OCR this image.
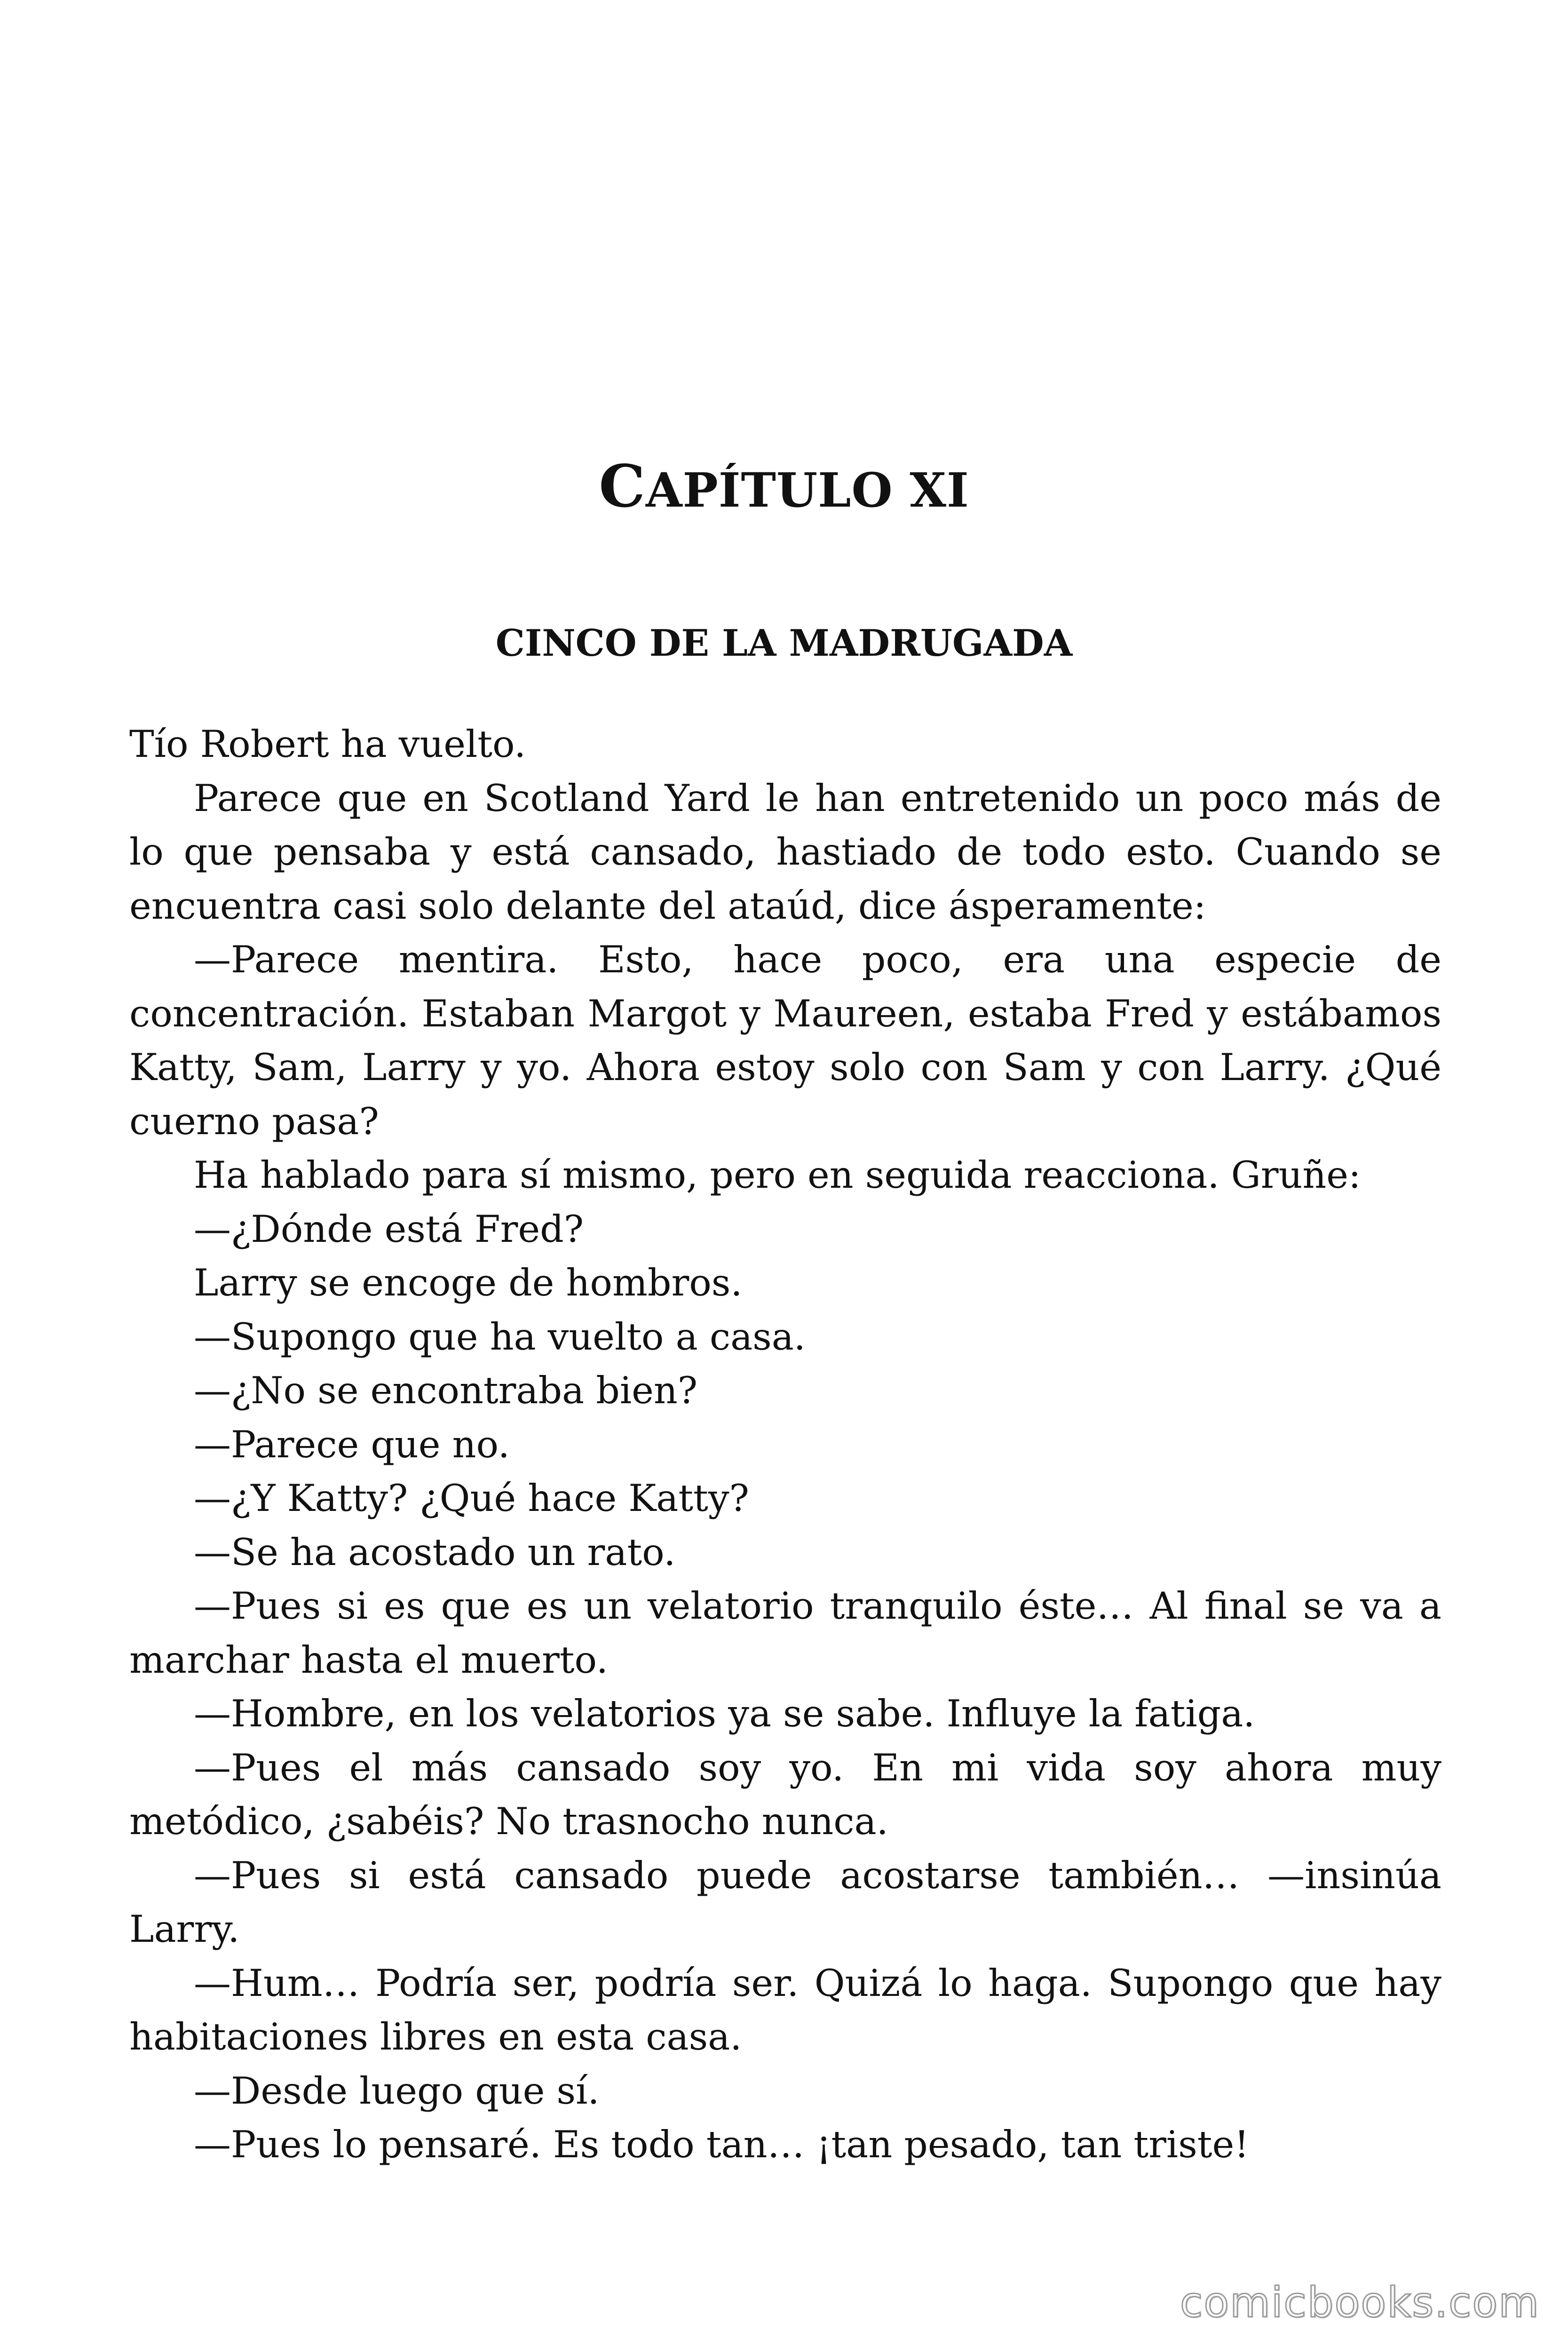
CAPÍTULO XI
CINCO DE LA MADRUGADA

Tío Robert ha vuelto.

Parece que en Scotland Yard le han entretenido un poco más de lo que pensaba y está cansado, hastiado de todo esto. Cuando se encuentra casi solo delante del ataúd, dice ásperamente:

—Parece mentira. Esto, hace poco, era una especie de concentración. Estaban Margot y Maureen, estaba Fred y estábamos Katty, Sam, Larry y yo. Ahora estoy solo con Sam y con Larry. ¿Qué cuerno pasa?

Ha hablado para sí mismo, pero en seguida reacciona. Gruñe:

—¿Dónde está Fred?

Larry se encoge de hombros.

—Supongo que ha vuelto a casa.

—¿No se encontraba bien?

—Parece que no.

—¿Y Katty? ¿Qué hace Katty?

—Se ha acostado un rato.

—Pues si es que es un velatorio tranquilo éste… Al final se va a marchar hasta el muerto.

—Hombre, en los velatorios ya se sabe. Influye la fatiga.

—Pues el más cansado soy yo. En mi vida soy ahora muy metódico, ¿sabéis? No trasnocho nunca.

—Pues si está cansado puede acostarse también… —insinúa Larry.

—Hum… Podría ser, podría ser. Quizá lo haga. Supongo que hay habitaciones libres en esta casa.

—Desde luego que sí.

—Pues lo pensaré. Es todo tan… ¡tan pesado, tan triste!

comicbooks.com
